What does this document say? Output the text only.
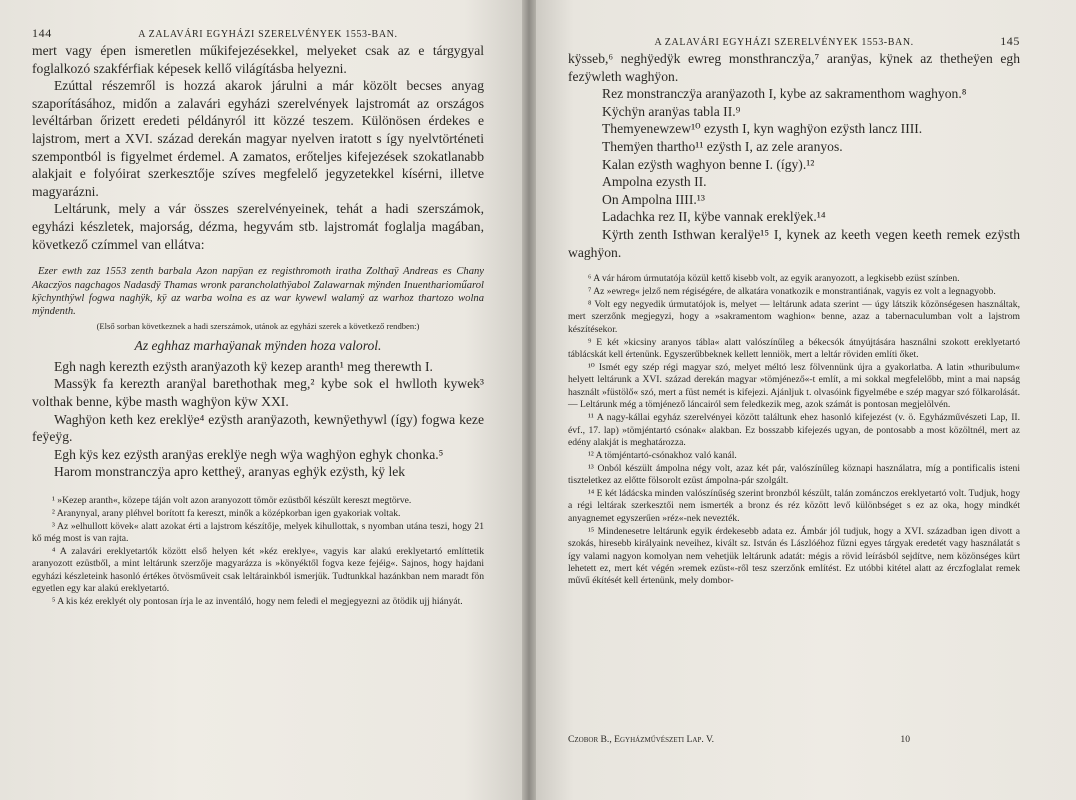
144	A ZALAVÁRI EGYHÁZI SZERELVÉNYEK 1553-BAN.

mert vagy épen ismeretlen műkifejezésekkel, melyeket csak az e tárgygyal foglalkozó szakférfiak képesek kellő világításba helyezni.

Ezúttal részemről is hozzá akarok járulni a már közölt becses anyag szaporításához, midőn a zalavári egyházi szerelvények lajstromát az országos levéltárban őrizett eredeti példányról itt közzé teszem. Különösen érdekes e lajstrom, mert a XVI. század derekán magyar nyelven iratott s így nyelvtörténeti szempontból is figyelmet érdemel. A zamatos, erőteljes kifejezések szokatlanabb alakjait e folyóirat szerkesztője szíves megfelelő jegyzetekkel kísérni, illetve magyarázni.

Leltárunk, mely a vár összes szerelvényeinek, tehát a hadi szerszámok, egyházi készletek, majorság, dézma, hegyvám stb. lajstromát foglalja magában, következő czímmel van ellátva:

Ezer ewth zaz 1553 zenth barbala Azon napÿan ez registhromoth iratha Zolthaÿ Andreas es Chany Akaczÿos nagchagos Nadasdÿ Thamas wronk parancholathÿabol Zalawarnak mÿnden Inuentharioműarol kÿchynthÿwl fogwa naghÿk, kÿ az warba wolna es az war kywewl walamÿ az warhoz thartozo wolna mÿndenth.
(Első sorban következnek a hadi szerszámok, utánok az egyházi szerek a következő rendben:)
Az eghhaz marhaÿanak mÿnden hoza valorol.

Egh nagh kerezth ezÿsth aranÿazoth kÿ kezep aranth¹ meg therewth I.

Massÿk fa kerezth aranÿal barethothak meg,² kybe sok el hwlloth kywek³ volthak benne, kÿbe masth waghÿon kÿw XXI.

Waghÿon keth kez ereklÿe⁴ ezÿsth aranÿazoth, kewnÿethywl (így) fogwa keze feÿeÿg.

Egh kÿs kez ezÿsth aranÿas ereklÿe negh wÿa waghÿon eghyk chonka.⁵

Harom monstranczÿa apro kettheÿ, aranyas eghÿk ezÿsth, kÿ lek

¹ »Kezep aranth«, közepe táján volt azon aranyozott tömör ezüstből készült kereszt megtörve.

² Aranynyal, arany pléhvel borított fa kereszt, minők a középkorban igen gyakoriak voltak.

³ Az »elhullott kövek« alatt azokat érti a lajstrom készítője, melyek kihullottak, s nyomban utána teszi, hogy 21 kő még most is van rajta.

⁴ A zalavári ereklyetartók között első helyen két »kéz ereklye«, vagyis kar alakú ereklyetartó említtetik aranyozott ezüstből, a mint leltárunk szerzője magyarázza is »könyéktől fogva keze fejéig«. Sajnos, hogy hajdani egyházi készleteink hasonló értékes ötvösműveit csak leltárainkból ismerjük. Tudtunkkal hazánkban nem maradt fön egyetlen egy kar alakú ereklyetartó.

⁵ A kis kéz ereklyét oly pontosan írja le az inventáló, hogy nem feledi el megjegyezni az ötödik ujj hiányát.

A ZALAVÁRI EGYHÁZI SZERELVÉNYEK 1553-BAN.	145

kÿsseb,⁶ neghÿedÿk ewreg monsthranczÿa,⁷ aranÿas, kÿnek az thetheÿen egh fezÿwleth waghÿon.

Rez monstranczÿa aranÿazoth I, kybe az sakramenthom waghyon.⁸

Kÿchÿn aranÿas tabla II.⁹

Themyenewzew¹⁰ ezysth I, kyn waghÿon ezÿsth lancz IIII.

Themÿen thartho¹¹ ezÿsth I, az zele aranyos.

Kalan ezÿsth waghyon benne I. (így).¹²

Ampolna ezysth II.

On Ampolna IIII.¹³

Ladachka rez II, kÿbe vannak ereklÿek.¹⁴

Kÿrth zenth Isthwan keralÿe¹⁵ I, kynek az keeth vegen keeth remek ezÿsth waghÿon.

⁶ A vár három úrmutatója közül kettő kisebb volt, az egyik aranyozott, a legkisebb ezüst színben.

⁷ Az »ewreg« jelző nem régiségére, de alkatára vonatkozik e monstrantiának, vagyis ez volt a legnagyobb.

⁸ Volt egy negyedik úrmutatójok is, melyet — leltárunk adata szerint — úgy látszik közönségesen használtak, mert szerzőnk megjegyzi, hogy a »sakramentom waghion« benne, azaz a tabernaculumban volt a lajstrom készítésekor.

⁹ E két »kicsiny aranyos tábla« alatt valószínűleg a békecsók átnyújtására használni szokott ereklyetartó táblácskát kell értenünk. Egyszerűbbeknek kellett lenniök, mert a leltár röviden említi őket.

¹⁰ Ismét egy szép régi magyar szó, melyet méltó lesz fölvennünk újra a gyakorlatba. A latin »thuribulum« helyett leltárunk a XVI. század derekán magyar »tömjénező«-t említ, a mi sokkal megfelelőbb, mint a mai napság használt »füstölő« szó, mert a füst nemét is kifejezi. Ajánljuk t. olvasóink figyelmébe e szép magyar szó fölkarolását. — Leltárunk még a tömjénező láncairól sem feledkezik meg, azok számát is pontosan megjelölvén.

¹¹ A nagy-kállai egyház szerelvényei között találtunk ehez hasonló kifejezést (v. ö. Egyházművészeti Lap, II. évf., 17. lap) »tömjéntartó csónak« alakban. Ez bosszabb kifejezés ugyan, de pontosabb a most közöltnél, mert az edény alakját is meghatározza.

¹² A tömjéntartó-csónakhoz való kanál.

¹³ Onból készült ámpolna négy volt, azaz két pár, valószínűleg köznapi használatra, míg a pontificalis isteni tiszteletkez az előtte fölsorolt ezüst ámpolna-pár szolgált.

¹⁴ E két ládácska minden valószínűség szerint bronzból készült, talán zománczos ereklyetartó volt. Tudjuk, hogy a régi leltárak szerkesztői nem ismerték a bronz és réz között levő különbséget s ez az oka, hogy mindkét anyagnemet egyszerűen »réz«-nek nevezték.

¹⁵ Mindenesetre leltárunk egyik érdekesebb adata ez. Ámbár jól tudjuk, hogy a XVI. században igen divott a szokás, hiresebb királyaink neveihez, kivált sz. István és Lászlóéhoz fűzni egyes tárgyak eredetét vagy használatát s így valami nagyon komolyan nem vehetjük leltárunk adatát: mégis a rövid leírásból sejdítve, nem közönséges kürt lehetett ez, mert két végén »remek ezüst«-ről tesz szerzőnk említést. Ez utóbbi kitétel alatt az érczfoglalat remek művű ékítését kell értenünk, mely dombor-

Czobor B., Egyházművészeti Lap. V.	10
